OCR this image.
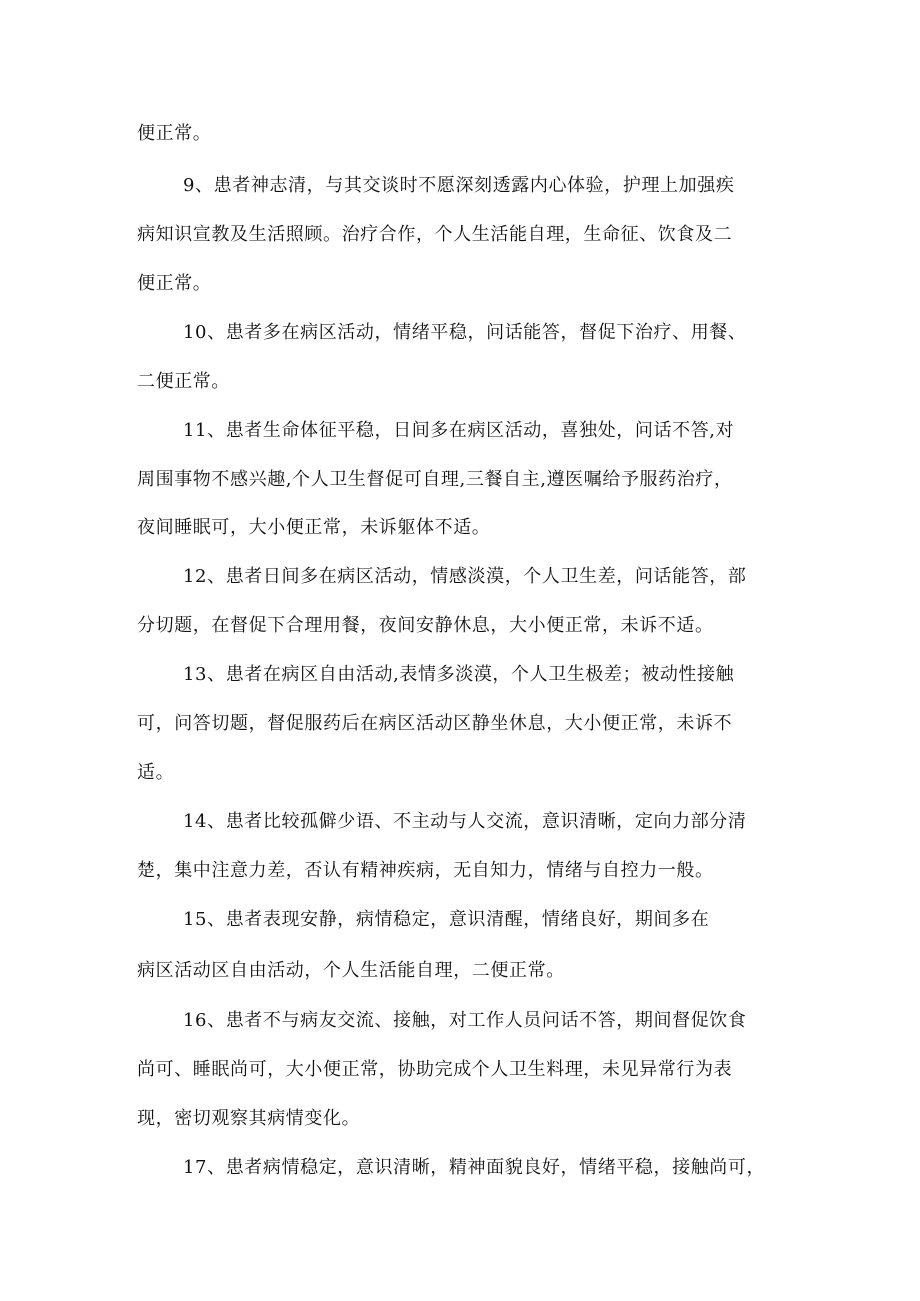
便正常。
9、患者神志清，与其交谈时不愿深刻透露内心体验，护理上加强疾
病知识宣教及生活照顾。治疗合作，个人生活能自理，生命征、饮食及二
便正常。
10、患者多在病区活动，情绪平稳，问话能答，督促下治疗、用餐、
二便正常。
11、患者生命体征平稳，日间多在病区活动，喜独处，问话不答,对
周围事物不感兴趣,个人卫生督促可自理,三餐自主,遵医嘱给予服药治疗，
夜间睡眠可，大小便正常，未诉躯体不适。
12、患者日间多在病区活动，情感淡漠，个人卫生差，问话能答，部
分切题，在督促下合理用餐，夜间安静休息，大小便正常，未诉不适。
13、患者在病区自由活动,表情多淡漠，个人卫生极差；被动性接触
可，问答切题，督促服药后在病区活动区静坐休息，大小便正常，未诉不
适。
14、患者比较孤僻少语、不主动与人交流，意识清晰，定向力部分清
楚，集中注意力差，否认有精神疾病，无自知力，情绪与自控力一般。
15、患者表现安静，病情稳定，意识清醒，情绪良好，期间多在
病区活动区自由活动，个人生活能自理，二便正常。
16、患者不与病友交流、接触，对工作人员问话不答，期间督促饮食
尚可、睡眠尚可，大小便正常，协助完成个人卫生料理，未见异常行为表
现，密切观察其病情变化。
17、患者病情稳定，意识清晰，精神面貌良好，情绪平稳，接触尚可，
